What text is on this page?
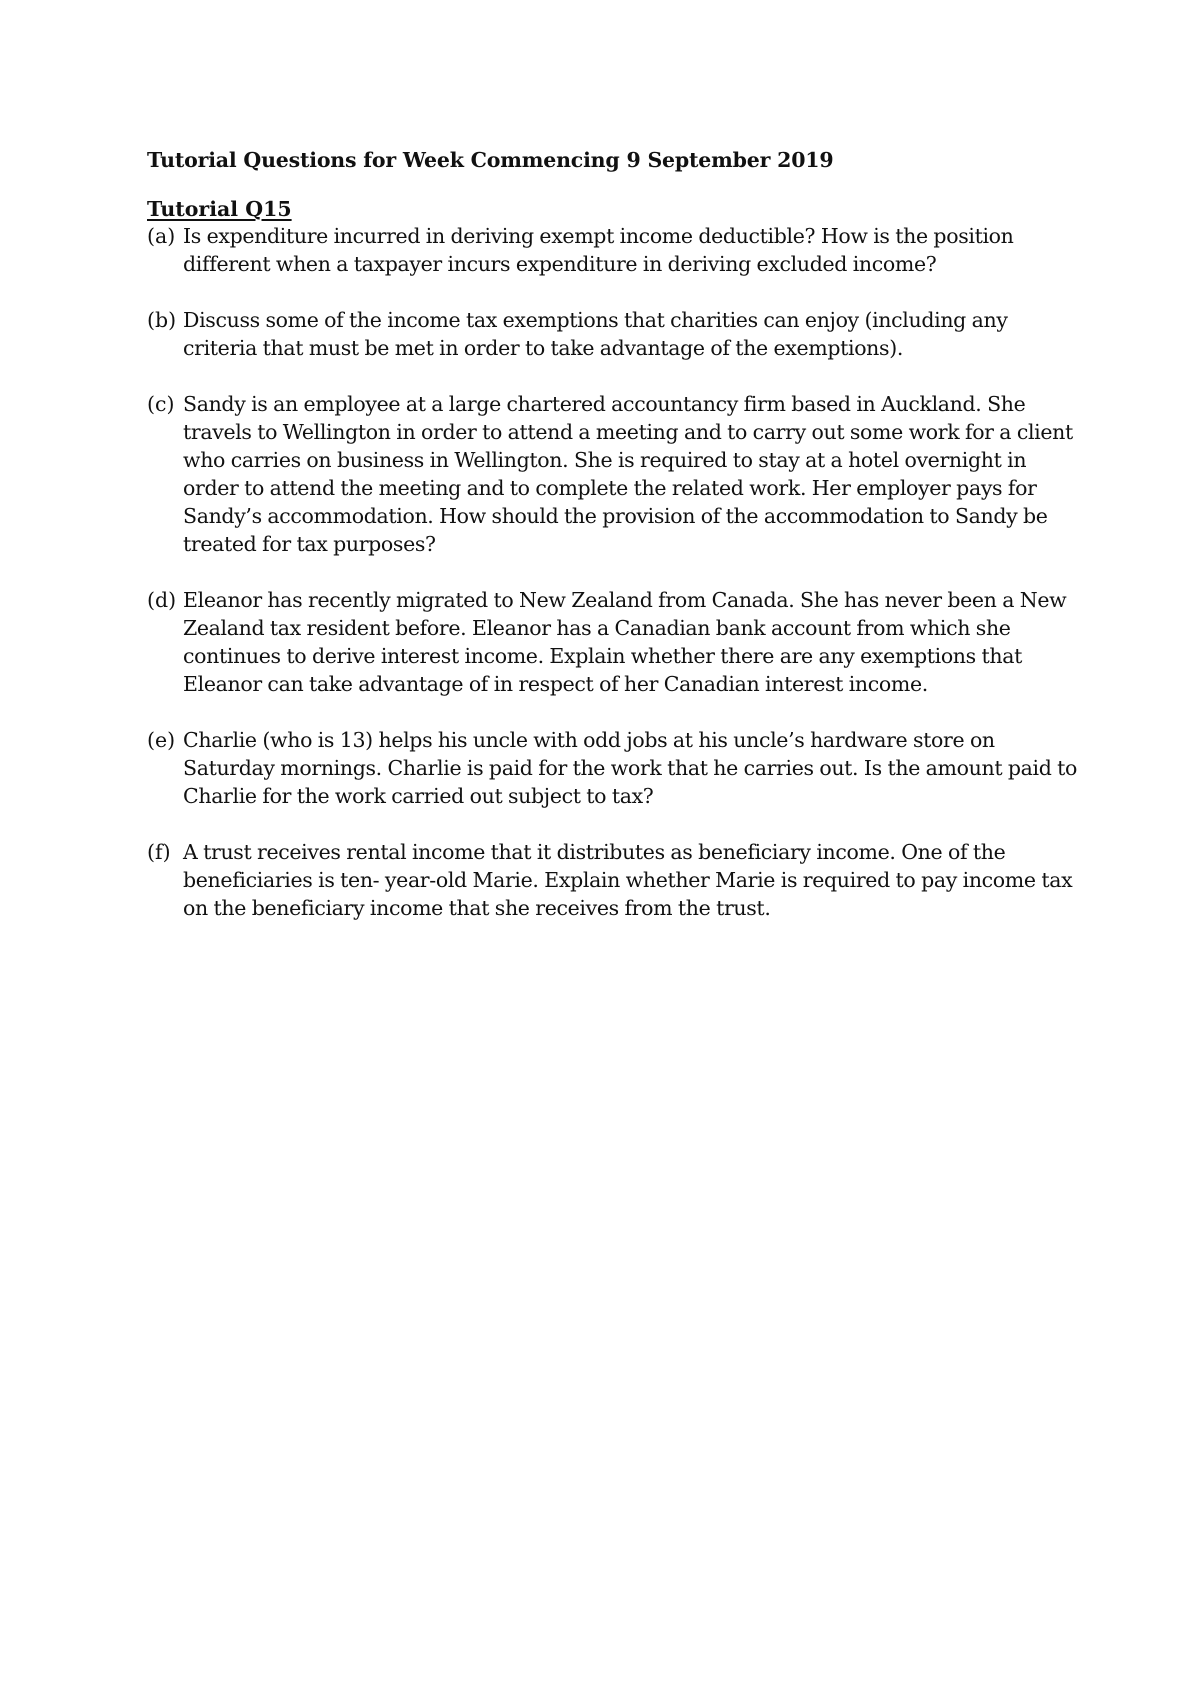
Tutorial Questions for Week Commencing 9 September 2019
Tutorial Q15
(a) Is expenditure incurred in deriving exempt income deductible? How is the position different when a taxpayer incurs expenditure in deriving excluded income?
(b) Discuss some of the income tax exemptions that charities can enjoy (including any criteria that must be met in order to take advantage of the exemptions).
(c) Sandy is an employee at a large chartered accountancy firm based in Auckland. She travels to Wellington in order to attend a meeting and to carry out some work for a client who carries on business in Wellington. She is required to stay at a hotel overnight in order to attend the meeting and to complete the related work. Her employer pays for Sandy’s accommodation. How should the provision of the accommodation to Sandy be treated for tax purposes?
(d) Eleanor has recently migrated to New Zealand from Canada. She has never been a New Zealand tax resident before. Eleanor has a Canadian bank account from which she continues to derive interest income. Explain whether there are any exemptions that Eleanor can take advantage of in respect of her Canadian interest income.
(e) Charlie (who is 13) helps his uncle with odd jobs at his uncle’s hardware store on Saturday mornings. Charlie is paid for the work that he carries out. Is the amount paid to Charlie for the work carried out subject to tax?
(f) A trust receives rental income that it distributes as beneficiary income. One of the beneficiaries is ten- year-old Marie. Explain whether Marie is required to pay income tax on the beneficiary income that she receives from the trust.
